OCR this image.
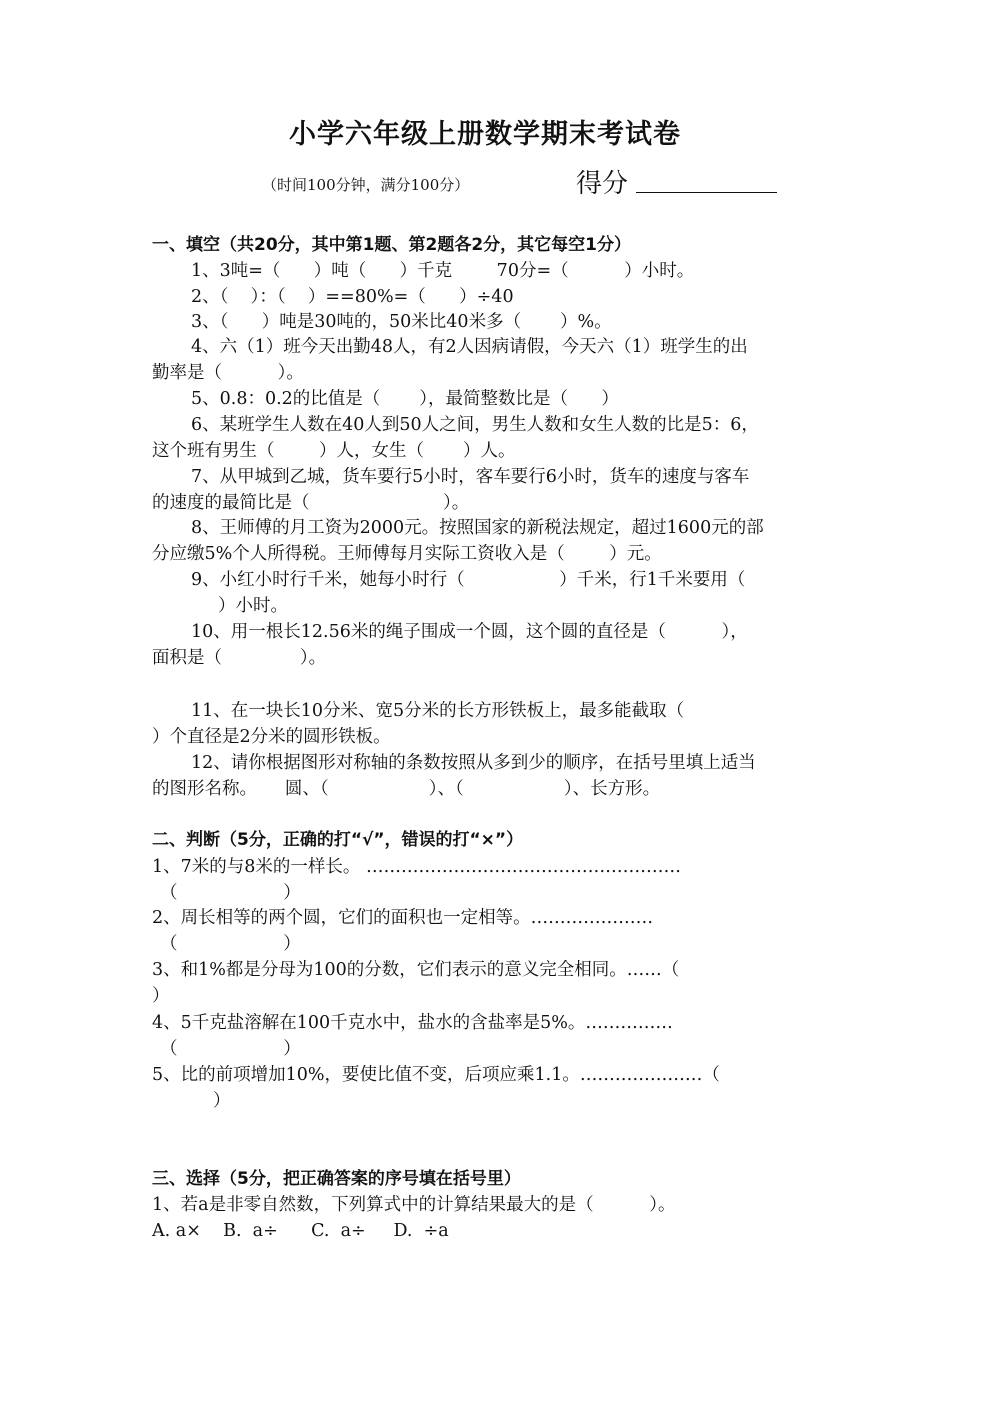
小学六年级上册数学期末考试卷
（时间100分钟，满分100分）	得分
一、填空（共20分，其中第1题、第2题各2分，其它每空1分）
1、3吨=（      ）吨（      ）千克        70分=（          ）小时。
2、（    ）：（    ）==80%=（      ）÷40
3、（      ）吨是30吨的，50米比40米多（       ）%。
4、六（1）班今天出勤48人，有2人因病请假，今天六（1）班学生的出
勤率是（          ）。
5、0.8：0.2的比值是（       ），最简整数比是（      ）
6、某班学生人数在40人到50人之间，男生人数和女生人数的比是5：6，
这个班有男生（        ）人，女生（       ）人。
7、从甲城到乙城，货车要行5小时，客车要行6小时，货车的速度与客车
的速度的最简比是（                        ）。
8、王师傅的月工资为2000元。按照国家的新税法规定，超过1600元的部
分应缴5%个人所得税。王师傅每月实际工资收入是（        ）元。
9、小红小时行千米，她每小时行（                 ）千米，行1千米要用（
）小时。
10、用一根长12.56米的绳子围成一个圆，这个圆的直径是（          ），
面积是（              ）。
11、在一块长10分米、宽5分米的长方形铁板上，最多能截取（
）个直径是2分米的圆形铁板。
12、请你根据图形对称轴的条数按照从多到少的顺序，在括号里填上适当
的图形名称。     圆、（                  ）、（                  ）、长方形。
二、判断（5分，正确的打“√”，错误的打“×”）
1、7米的与8米的一样长。 ………………………………………………
（                   ）
2、周长相等的两个圆，它们的面积也一定相等。…………………
（                   ）
3、和1%都是分母为100的分数，它们表示的意义完全相同。……（
）
4、5千克盐溶解在100千克水中，盐水的含盐率是5%。……………
（                   ）
5、比的前项增加10%，要使比值不变，后项应乘1.1。…………………（
）
三、选择（5分，把正确答案的序号填在括号里）
1、若a是非零自然数，下列算式中的计算结果最大的是（          ）。
A. a×    B.  a÷      C.  a÷     D.  ÷a
